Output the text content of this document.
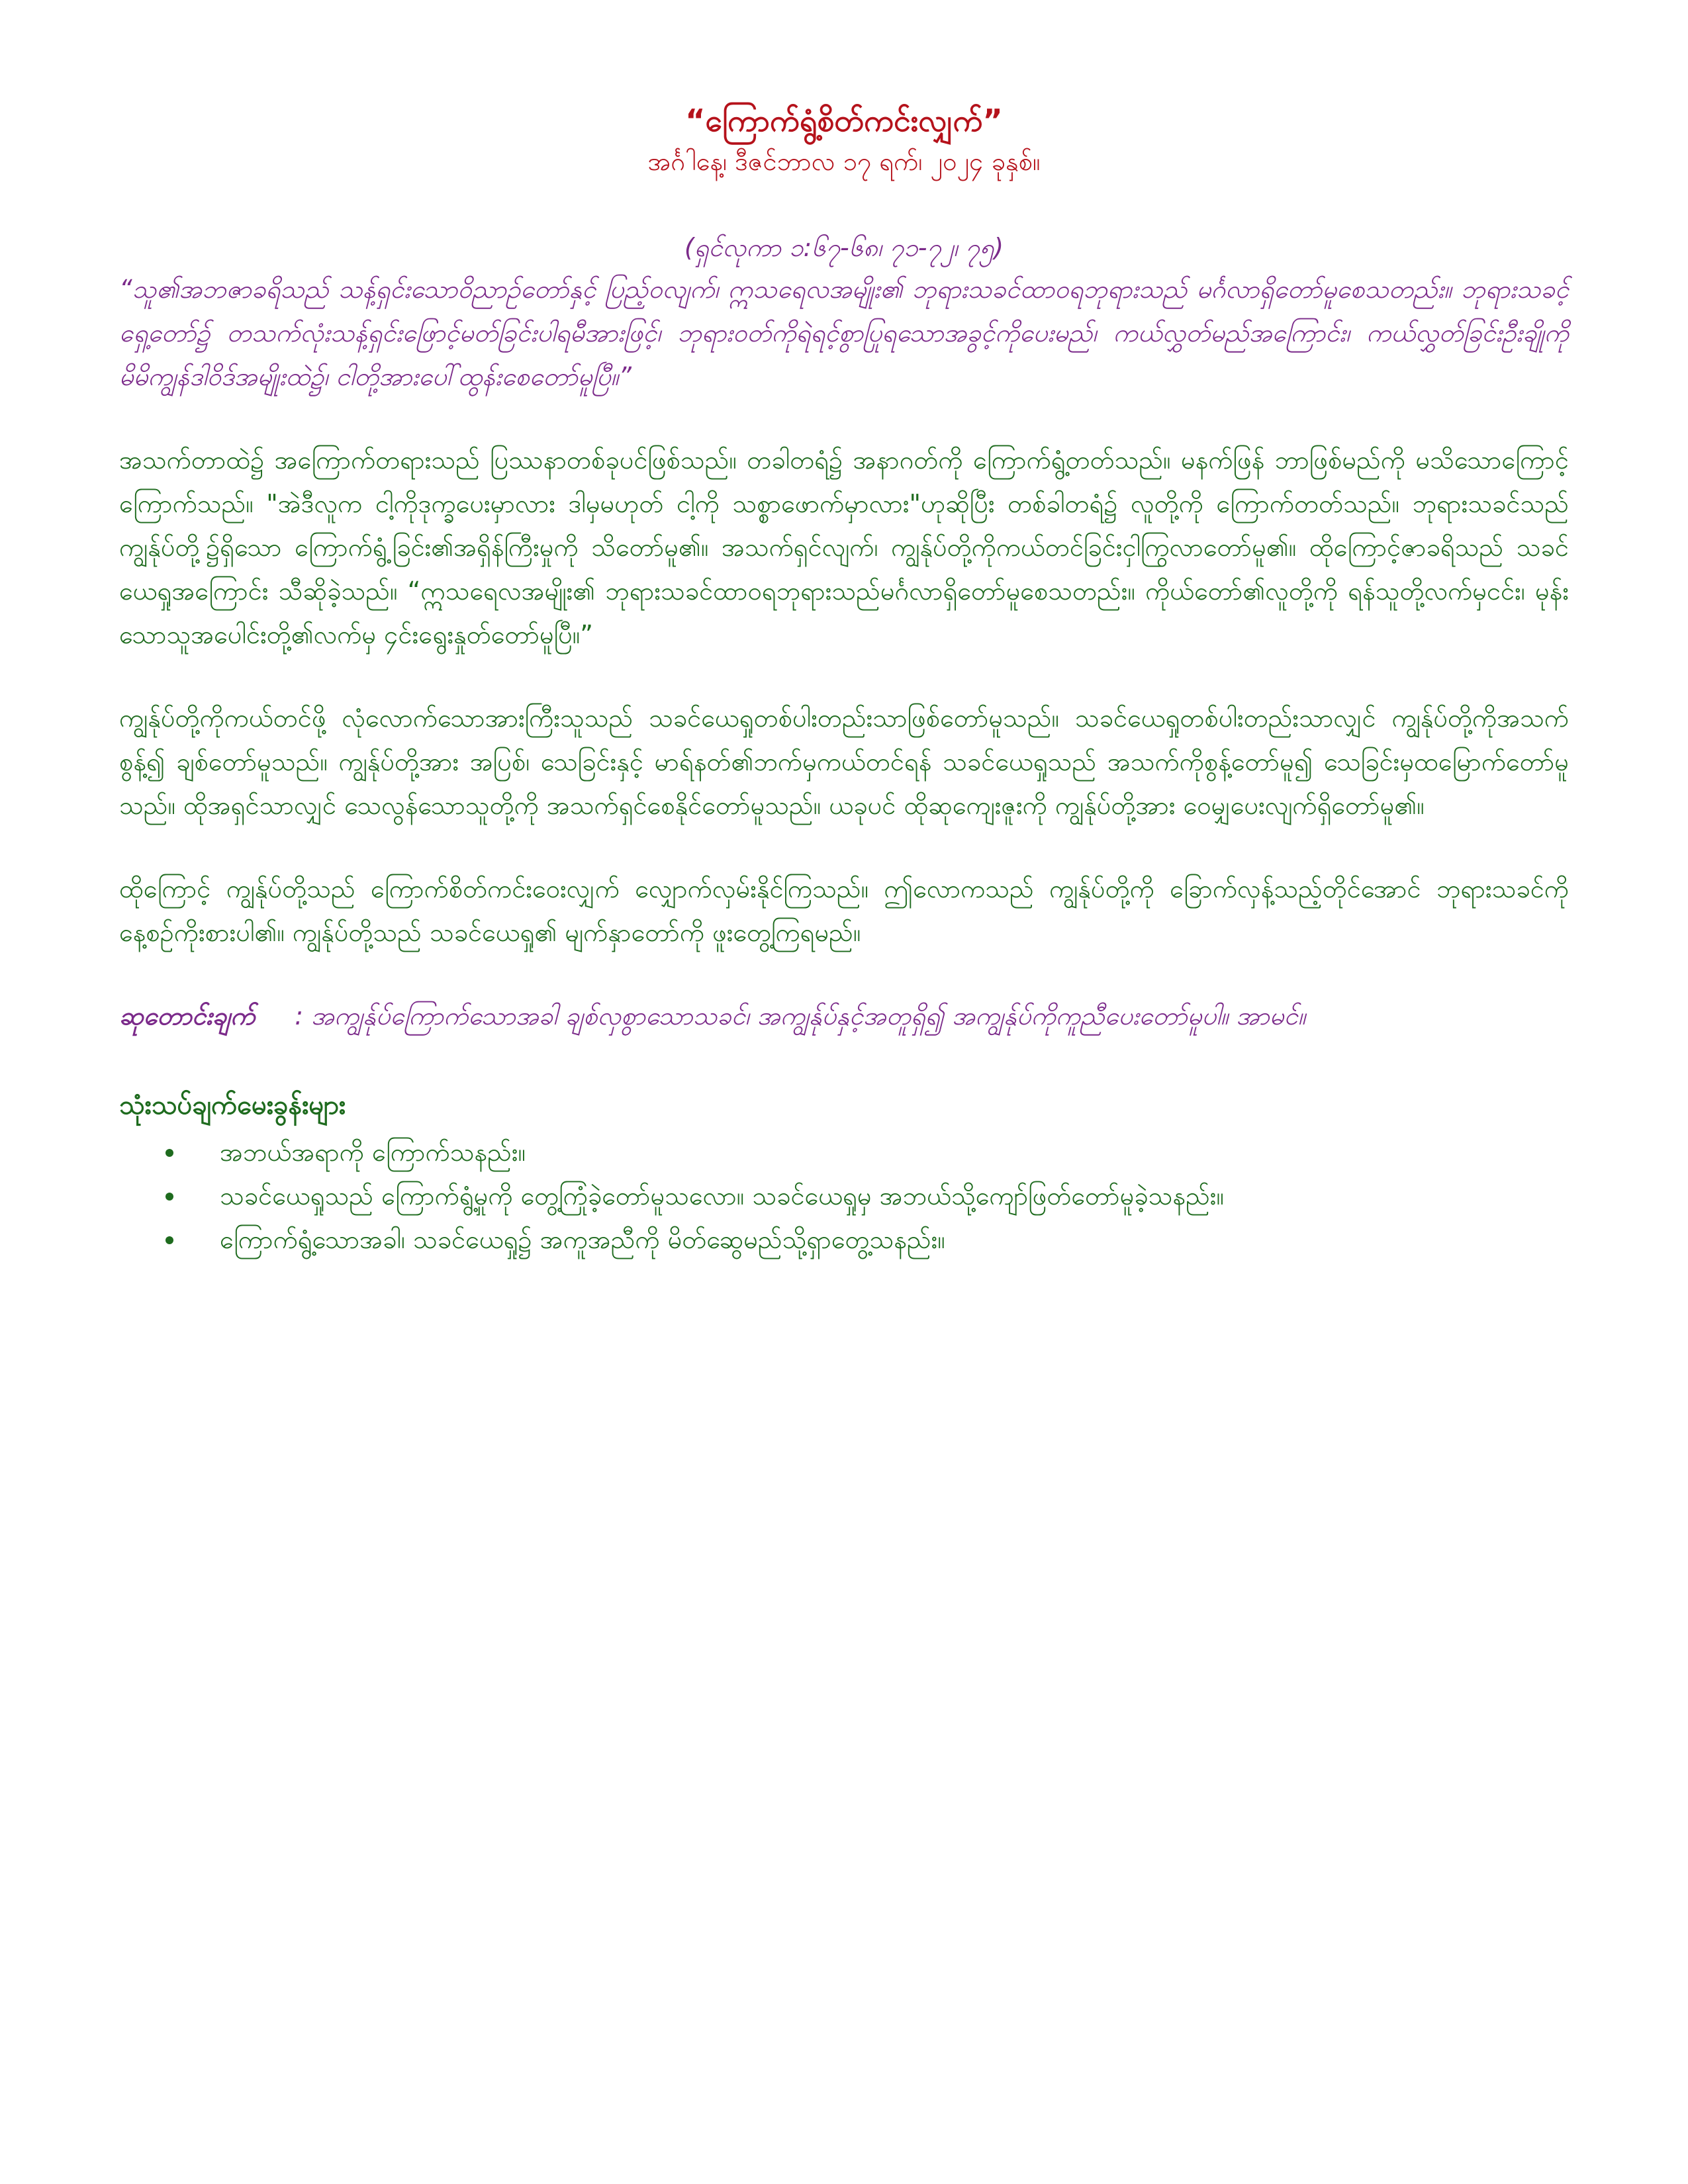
“ကြောက်ရွံ့စိတ်ကင်းလျှက်”

အင်္ဂါနေ့၊ ဒီဇင်ဘာလ ၁၇ ရက်၊ ၂၀၂၄ ခုနှစ်။

(ရှင်လုကာ ၁:၆၇-၆၈၊ ၇၁-၇၂၊ ၇၅)

“သူ၏အဘဇာခရိသည် သန့်ရှင်းသောဝိညာဉ်တော်နှင့် ပြည့်ဝလျက်၊ ဣသရေလအမျိုး၏ ဘုရားသခင်ထာဝရဘုရားသည် မင်္ဂလာရှိတော်မူစေသတည်း။ ဘုရားသခင့်ရှေ့တော်၌ တသက်လုံးသန့်ရှင်းဖြောင့်မတ်ခြင်းပါရမီအားဖြင့်၊ ဘုရားဝတ်ကိုရဲရင့်စွာပြုရသောအခွင့်ကိုပေးမည်၊ ကယ်လွှတ်မည်အကြောင်း၊ ကယ်လွှတ်ခြင်းဦးချိုကို မိမိကျွန်ဒါဝိဒ်အမျိုးထဲ၌၊ ငါတို့အားပေါ်ထွန်းစေတော်မူပြီ။”

အသက်တာထဲ၌ အကြောက်တရားသည် ပြဿနာတစ်ခုပင်ဖြစ်သည်။ တခါတရံ၌ အနာဂတ်ကို ကြောက်ရွံ့တတ်သည်။ မနက်ဖြန် ဘာဖြစ်မည်ကို မသိသောကြောင့် ကြောက်သည်။ "အဲဒီလူက ငါ့ကိုဒုက္ခပေးမှာလား ဒါမှမဟုတ် ငါ့ကို သစ္စာဖောက်မှာလား"ဟုဆိုပြီး တစ်ခါတရံ၌ လူတို့ကို ကြောက်တတ်သည်။ ဘုရားသခင်သည် ကျွန်ုပ်တို့၌ရှိသော ကြောက်ရွံ့ခြင်း၏အရှိန်ကြီးမှုကို သိတော်မူ၏။ အသက်ရှင်လျက်၊ ကျွန်ုပ်တို့ကိုကယ်တင်ခြင်းငှါကြွလာတော်မူ၏။ ထိုကြောင့်ဇာခရိသည် သခင်ယေရှုအကြောင်း သီဆိုခဲ့သည်။ “ဣသရေလအမျိုး၏ ဘုရားသခင်ထာဝရဘုရားသည်မင်္ဂလာရှိတော်မူစေသတည်း။ ကိုယ်တော်၏လူတို့ကို ရန်သူတို့လက်မှငင်း၊ မုန်းသောသူအပေါင်းတို့၏လက်မှ ၄င်းရွေးနှုတ်တော်မူပြီ။”

ကျွန်ုပ်တို့ကိုကယ်တင်ဖို့ လုံလောက်သောအားကြီးသူသည် သခင်ယေရှုတစ်ပါးတည်းသာဖြစ်တော်မူသည်။ သခင်ယေရှုတစ်ပါးတည်းသာလျှင် ကျွန်ုပ်တို့ကိုအသက်စွန့်၍ ချစ်တော်မူသည်။ ကျွန်ုပ်တို့အား အပြစ်၊ သေခြင်းနှင့် မာရ်နတ်၏ဘက်မှကယ်တင်ရန် သခင်ယေရှုသည် အသက်ကိုစွန့်တော်မူ၍ သေခြင်းမှထမြောက်တော်မူသည်။ ထိုအရှင်သာလျှင် သေလွန်သောသူတို့ကို အသက်ရှင်စေနိုင်တော်မူသည်။ ယခုပင် ထိုဆုကျေးဇူးကို ကျွန်ုပ်တို့အား ဝေမျှပေးလျက်ရှိတော်မူ၏။

ထိုကြောင့် ကျွန်ုပ်တို့သည် ကြောက်စိတ်ကင်းဝေးလျှက် လျှောက်လှမ်းနိုင်ကြသည်။ ဤလောကသည် ကျွန်ုပ်တို့ကို ခြောက်လှန့်သည့်တိုင်အောင် ဘုရားသခင်ကို နေ့စဉ်ကိုးစားပါ၏။ ကျွန်ုပ်တို့သည် သခင်ယေရှု၏ မျက်နှာတော်ကို ဖူးတွေ့ကြရမည်။

ဆုတောင်းချက် : အကျွန်ုပ်ကြောက်သောအခါ ချစ်လှစွာသောသခင်၊ အကျွန်ုပ်နှင့်အတူရှိ၍ အကျွန်ုပ်ကိုကူညီပေးတော်မူပါ။ အာမင်။

သုံးသပ်ချက်မေးခွန်းများ
အဘယ်အရာကို ကြောက်သနည်း။
သခင်ယေရှုသည် ကြောက်ရွံ့မှုကို တွေ့ကြုံခဲ့တော်မူသလော။ သခင်ယေရှုမှ အဘယ်သို့ကျော်ဖြတ်တော်မူခဲ့သနည်း။
ကြောက်ရွံ့သောအခါ၊ သခင်ယေရှု၌ အကူအညီကို မိတ်ဆွေမည်သို့ရှာတွေ့သနည်း။
